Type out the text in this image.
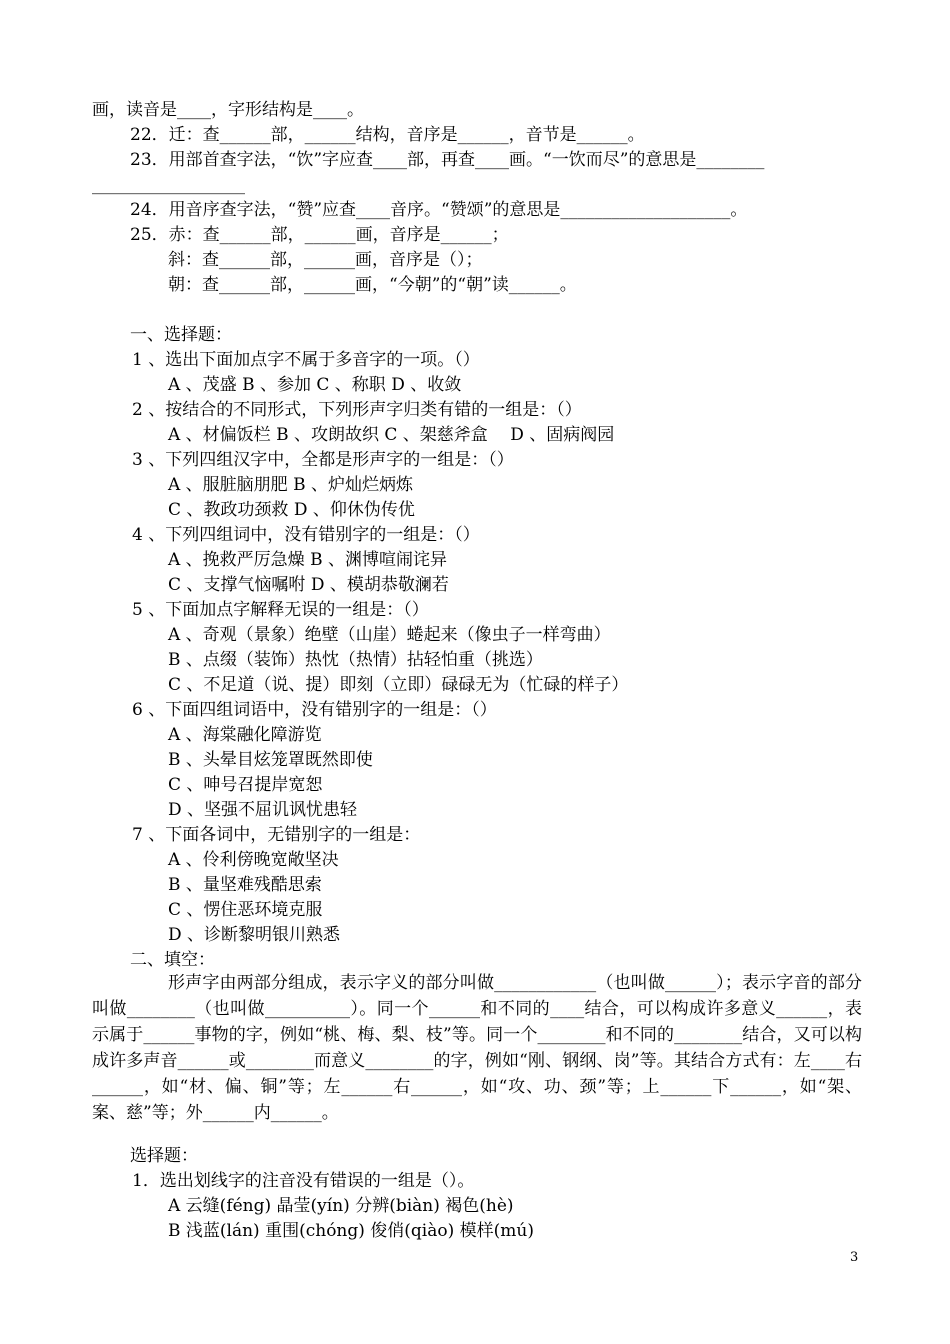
画，读音是____，字形结构是____。
22．迁：查______部，______结构，音序是______，音节是______。
23．用部首查字法，“饮”字应查____部，再查____画。“一饮而尽”的意思是________
__________________
24．用音序查字法，“赞”应查____音序。“赞颂”的意思是____________________。
25．赤：查______部，______画，音序是______；
斜：查______部，______画，音序是（）；
朝：查______部，______画，“今朝”的“朝”读______。
一、选择题：
1 、选出下面加点字不属于多音字的一项。（）
A 、茂盛 B 、参加 C 、称职 D 、收敛
2 、按结合的不同形式，下列形声字归类有错的一组是：（）
A 、材偏饭栏 B 、攻朗故织 C 、架慈斧盒　 D 、固病阀园
3 、下列四组汉字中，全都是形声字的一组是：（）
A 、服脏脑朋肥 B 、炉灿烂炳炼
C 、教政功颈救 D 、仰休伪传优
4 、下列四组词中，没有错别字的一组是：（）
A 、挽救严厉急燥 B 、渊博喧闹诧异
C 、支撑气恼嘱咐 D 、模胡恭敬澜若
5 、下面加点字解释无误的一组是：（）
A 、奇观（景象）绝壁（山崖）蜷起来（像虫子一样弯曲）
B 、点缀（装饰）热忱（热情）拈轻怕重（挑选）
C 、不足道（说、提）即刻（立即）碌碌无为（忙碌的样子）
6 、下面四组词语中，没有错别字的一组是：（）
A 、海棠融化障游览
B 、头晕目炫笼罩既然即使
C 、呻号召提岸宽恕
D 、坚强不屈讥讽忧患轻
7 、下面各词中，无错别字的一组是：
A 、伶利傍晚宽敞坚决
B 、量坚难残酷思索
C 、愣住恶环境克服
D 、诊断黎明银川熟悉
二、填空：
形声字由两部分组成，表示字义的部分叫做____________（也叫做______）；表示字音的部分叫做________（也叫做__________）。同一个______和不同的____结合，可以构成许多意义______，表示属于______事物的字，例如“桃、梅、梨、枝”等。同一个________和不同的________结合，又可以构成许多声音______或________而意义________的字，例如“刚、钢纲、岗”等。其结合方式有：左____右______，如“材、偏、铜”等；左______右______，如“攻、功、颈”等；上______下______，如“架、案、慈”等；外______内______。
选择题：
1．选出划线字的注音没有错误的一组是（）。
A 云缝(féng) 晶莹(yín) 分辨(biàn) 褐色(hè)
B 浅蓝(lán) 重围(chóng) 俊俏(qiào) 模样(mú)
3
